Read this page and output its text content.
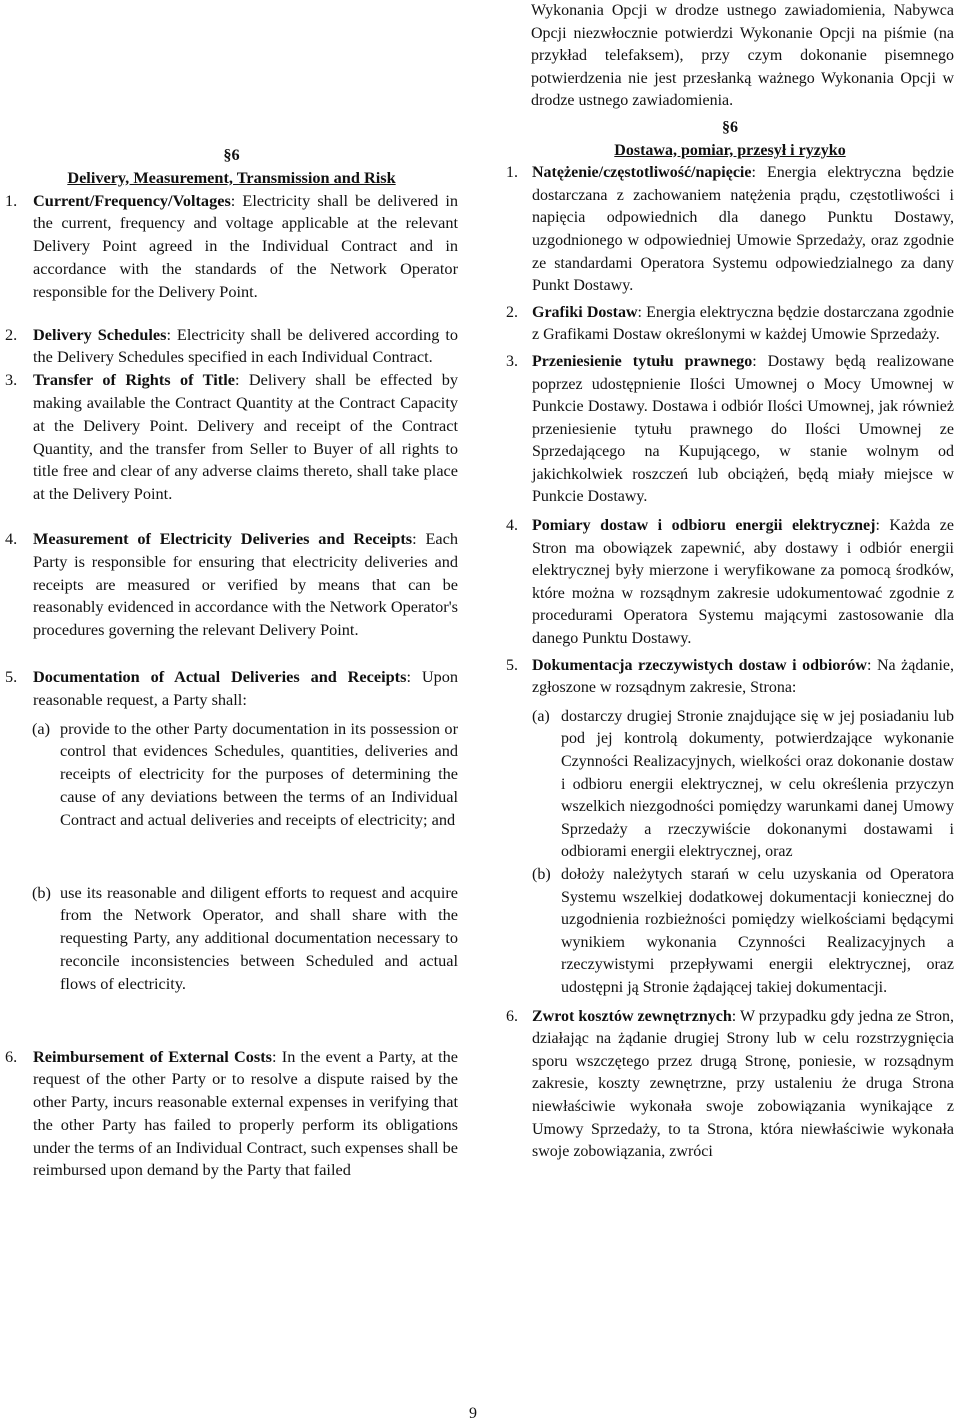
§6
Delivery, Measurement, Transmission and Risk
1. Current/Frequency/Voltages: Electricity shall be delivered in the current, frequency and voltage applicable at the relevant Delivery Point agreed in the Individual Contract and in accordance with the standards of the Network Operator responsible for the Delivery Point.
2. Delivery Schedules: Electricity shall be delivered according to the Delivery Schedules specified in each Individual Contract.
3. Transfer of Rights of Title: Delivery shall be effected by making available the Contract Quantity at the Contract Capacity at the Delivery Point. Delivery and receipt of the Contract Quantity, and the transfer from Seller to Buyer of all rights to title free and clear of any adverse claims thereto, shall take place at the Delivery Point.
4. Measurement of Electricity Deliveries and Receipts: Each Party is responsible for ensuring that electricity deliveries and receipts are measured or verified by means that can be reasonably evidenced in accordance with the Network Operator's procedures governing the relevant Delivery Point.
5. Documentation of Actual Deliveries and Receipts: Upon reasonable request, a Party shall:
(a) provide to the other Party documentation in its possession or control that evidences Schedules, quantities, deliveries and receipts of electricity for the purposes of determining the cause of any deviations between the terms of an Individual Contract and actual deliveries and receipts of electricity; and
(b) use its reasonable and diligent efforts to request and acquire from the Network Operator, and shall share with the requesting Party, any additional documentation necessary to reconcile inconsistencies between Scheduled and actual flows of electricity.
6. Reimbursement of External Costs: In the event a Party, at the request of the other Party or to resolve a dispute raised by the other Party, incurs reasonable external expenses in verifying that the other Party has failed to properly perform its obligations under the terms of an Individual Contract, such expenses shall be reimbursed upon demand by the Party that failed
Wykonania Opcji w drodze ustnego zawiadomienia, Nabywca Opcji niezwłocznie potwierdzi Wykonanie Opcji na piśmie (na przykład telefaksem), przy czym dokonanie pisemnego potwierdzenia nie jest przesłanką ważnego Wykonania Opcji w drodze ustnego zawiadomienia.
§6
Dostawa, pomiar, przesył i ryzyko
1. Natężenie/częstotliwość/napięcie: Energia elektryczna będzie dostarczana z zachowaniem natężenia prądu, częstotliwości i napięcia odpowiednich dla danego Punktu Dostawy, uzgodnionego w odpowiedniej Umowie Sprzedaży, oraz zgodnie ze standardami Operatora Systemu odpowiedzialnego za dany Punkt Dostawy.
2. Grafiki Dostaw: Energia elektryczna będzie dostarczana zgodnie z Grafikami Dostaw określonymi w każdej Umowie Sprzedaży.
3. Przeniesienie tytułu prawnego: Dostawy będą realizowane poprzez udostępnienie Ilości Umownej o Mocy Umownej w Punkcie Dostawy. Dostawa i odbiór Ilości Umownej, jak również przeniesienie tytułu prawnego do Ilości Umownej ze Sprzedającego na Kupującego, w stanie wolnym od jakichkolwiek roszczeń lub obciążeń, będą miały miejsce w Punkcie Dostawy.
4. Pomiary dostaw i odbioru energii elektrycznej: Każda ze Stron ma obowiązek zapewnić, aby dostawy i odbiór energii elektrycznej były mierzone i weryfikowane za pomocą środków, które można w rozsądnym zakresie udokumentować zgodnie z procedurami Operatora Systemu mającymi zastosowanie dla danego Punktu Dostawy.
5. Dokumentacja rzeczywistych dostaw i odbiorów: Na żądanie, zgłoszone w rozsądnym zakresie, Strona:
(a) dostarczy drugiej Stronie znajdujące się w jej posiadaniu lub pod jej kontrolą dokumenty, potwierdzające wykonanie Czynności Realizacyjnych, wielkości oraz dokonanie dostaw i odbioru energii elektrycznej, w celu określenia przyczyn wszelkich niezgodności pomiędzy warunkami danej Umowy Sprzedaży a rzeczywiście dokonanymi dostawami i odbiorami energii elektrycznej, oraz
(b) dołoży należytych starań w celu uzyskania od Operatora Systemu wszelkiej dodatkowej dokumentacji koniecznej do uzgodnienia rozbieżności pomiędzy wielkościami będącymi wynikiem wykonania Czynności Realizacyjnych a rzeczywistymi przepływami energii elektrycznej, oraz udostępni ją Stronie żądającej takiej dokumentacji.
6. Zwrot kosztów zewnętrznych: W przypadku gdy jedna ze Stron, działając na żądanie drugiej Strony lub w celu rozstrzygnięcia sporu wszczętego przez drugą Stronę, poniesie, w rozsądnym zakresie, koszty zewnętrzne, przy ustaleniu że druga Strona niewłaściwie wykonała swoje zobowiązania wynikające z Umowy Sprzedaży, to ta Strona, która niewłaściwie wykonała swoje zobowiązania, zwróci
9
